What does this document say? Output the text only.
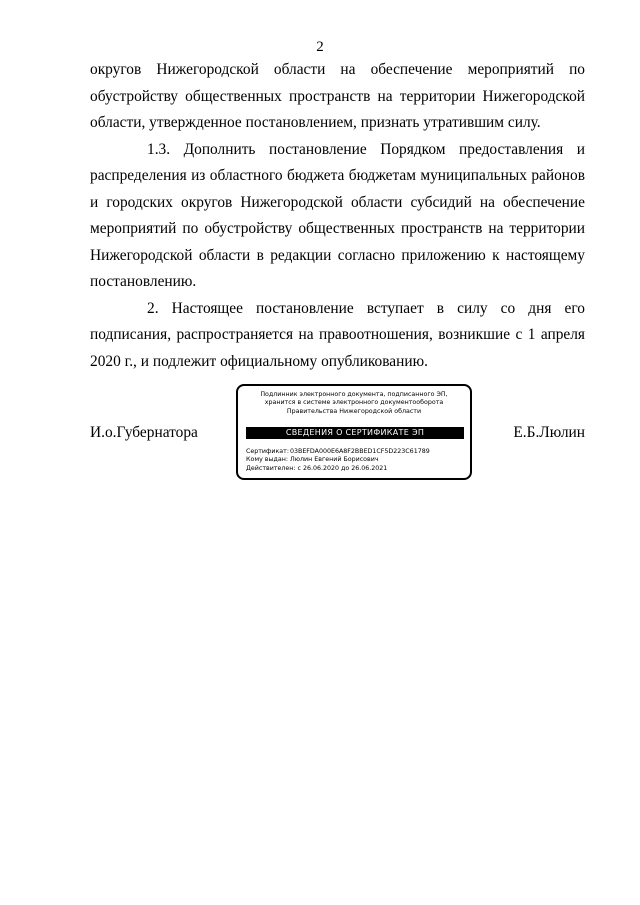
2

округов Нижегородской области на обеспечение мероприятий по обустройству общественных пространств на территории Нижегородской области, утвержденное постановлением, признать утратившим силу.

1.3. Дополнить постановление Порядком предоставления и распределения из областного бюджета бюджетам муниципальных районов и городских округов Нижегородской области субсидий на обеспечение мероприятий по обустройству общественных пространств на территории Нижегородской области в редакции согласно приложению к настоящему постановлению.

2. Настоящее постановление вступает в силу со дня его подписания, распространяется на правоотношения, возникшие с 1 апреля 2020 г., и подлежит официальному опубликованию.

И.о.Губернатора
Подлинник электронного документа, подписанного ЭП,
хранится в системе электронного документооборота
Правительства Нижегородской области
СВЕДЕНИЯ О СЕРТИФИКАТЕ ЭП
Сертификат:03BEFDA000E6A8F2BBED1CF5D223C61789
Кому выдан: Люлин Евгений Борисович
Действителен: с 26.06.2020 до 26.06.2021
Е.Б.Люлин
